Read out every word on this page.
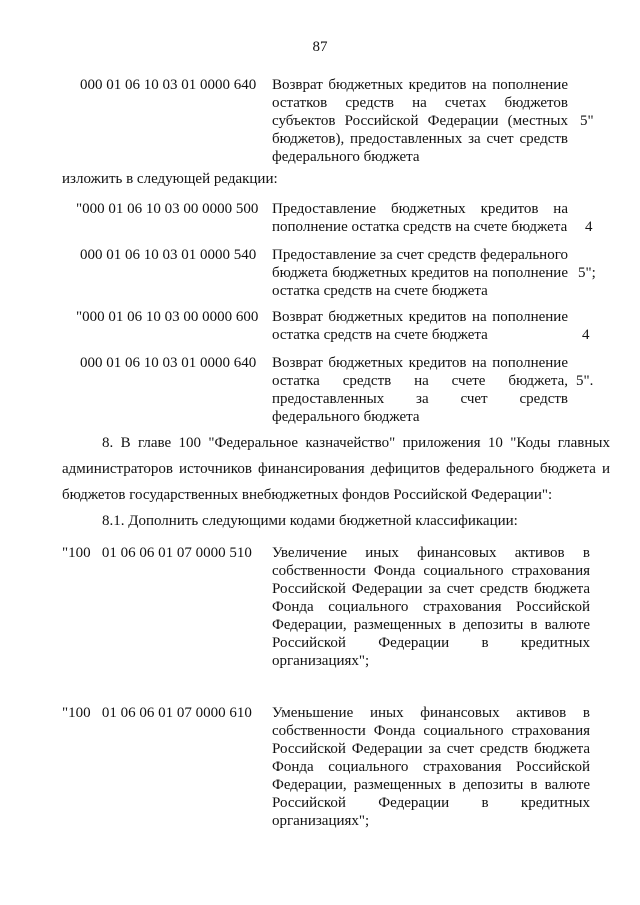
87
000 01 06 10 03 01 0000 640 Возврат бюджетных кредитов на пополнение остатков средств на счетах бюджетов субъектов Российской Федерации (местных бюджетов), предоставленных за счет средств федерального бюджета
5"
изложить в следующей редакции:
"000 01 06 10 03 00 0000 500 Предоставление бюджетных кредитов на пополнение остатка средств на счете бюджета 4
000 01 06 10 03 01 0000 540 Предоставление за счет средств федерального бюджета бюджетных кредитов на пополнение остатка средств на счете бюджета
5";
"000 01 06 10 03 00 0000 600 Возврат бюджетных кредитов на пополнение остатка средств на счете бюджета	4
000 01 06 10 03 01 0000 640 Возврат бюджетных кредитов на пополнение остатка средств на счете бюджета, предоставленных за счет средств федерального бюджета
5".
8. В главе 100 "Федеральное казначейство" приложения 10 "Коды главных администраторов источников финансирования дефицитов федерального бюджета и бюджетов государственных внебюджетных фондов Российской Федерации":
8.1. Дополнить следующими кодами бюджетной классификации:
"100   01 06 06 01 07 0000 510 Увеличение иных финансовых активов в собственности Фонда социального страхования Российской Федерации за счет средств бюджета Фонда социального страхования Российской Федерации, размещенных в депозиты в валюте Российской Федерации в кредитных организациях";
"100   01 06 06 01 07 0000 610 Уменьшение иных финансовых активов в собственности Фонда социального страхования Российской Федерации за счет средств бюджета Фонда социального страхования Российской Федерации, размещенных в депозиты в валюте Российской Федерации в кредитных организациях";
